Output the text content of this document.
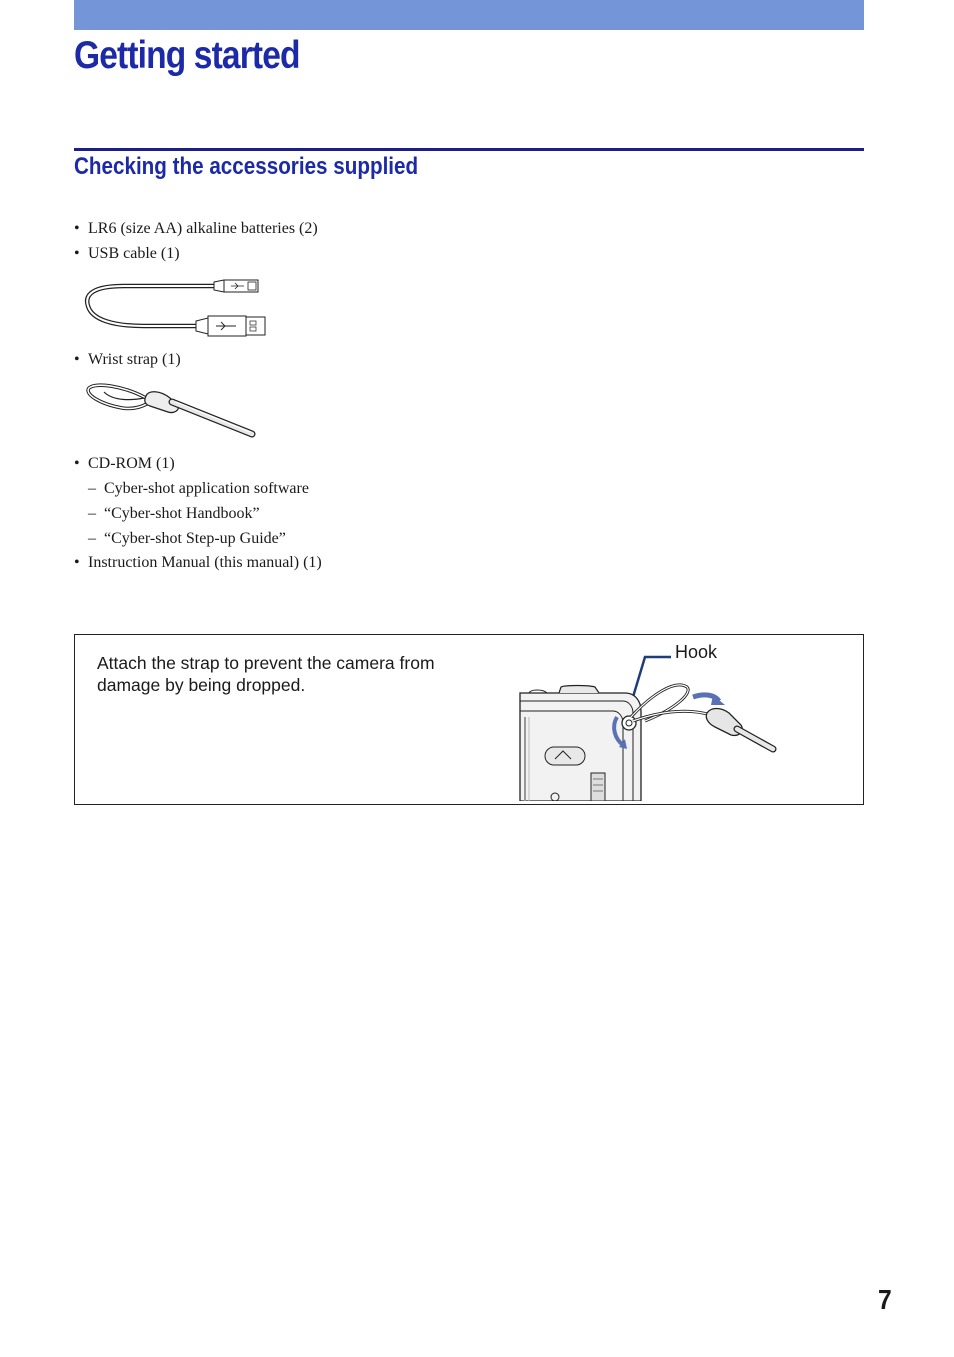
Getting started
Checking the accessories supplied
• LR6 (size AA) alkaline batteries (2)
• USB cable (1)
• Wrist strap (1)
• CD-ROM (1)
– Cyber-shot application software
– “Cyber-shot Handbook”
– “Cyber-shot Step-up Guide”
• Instruction Manual (this manual) (1)

Attach the strap to prevent the camera from damage by being dropped.

Hook
7
